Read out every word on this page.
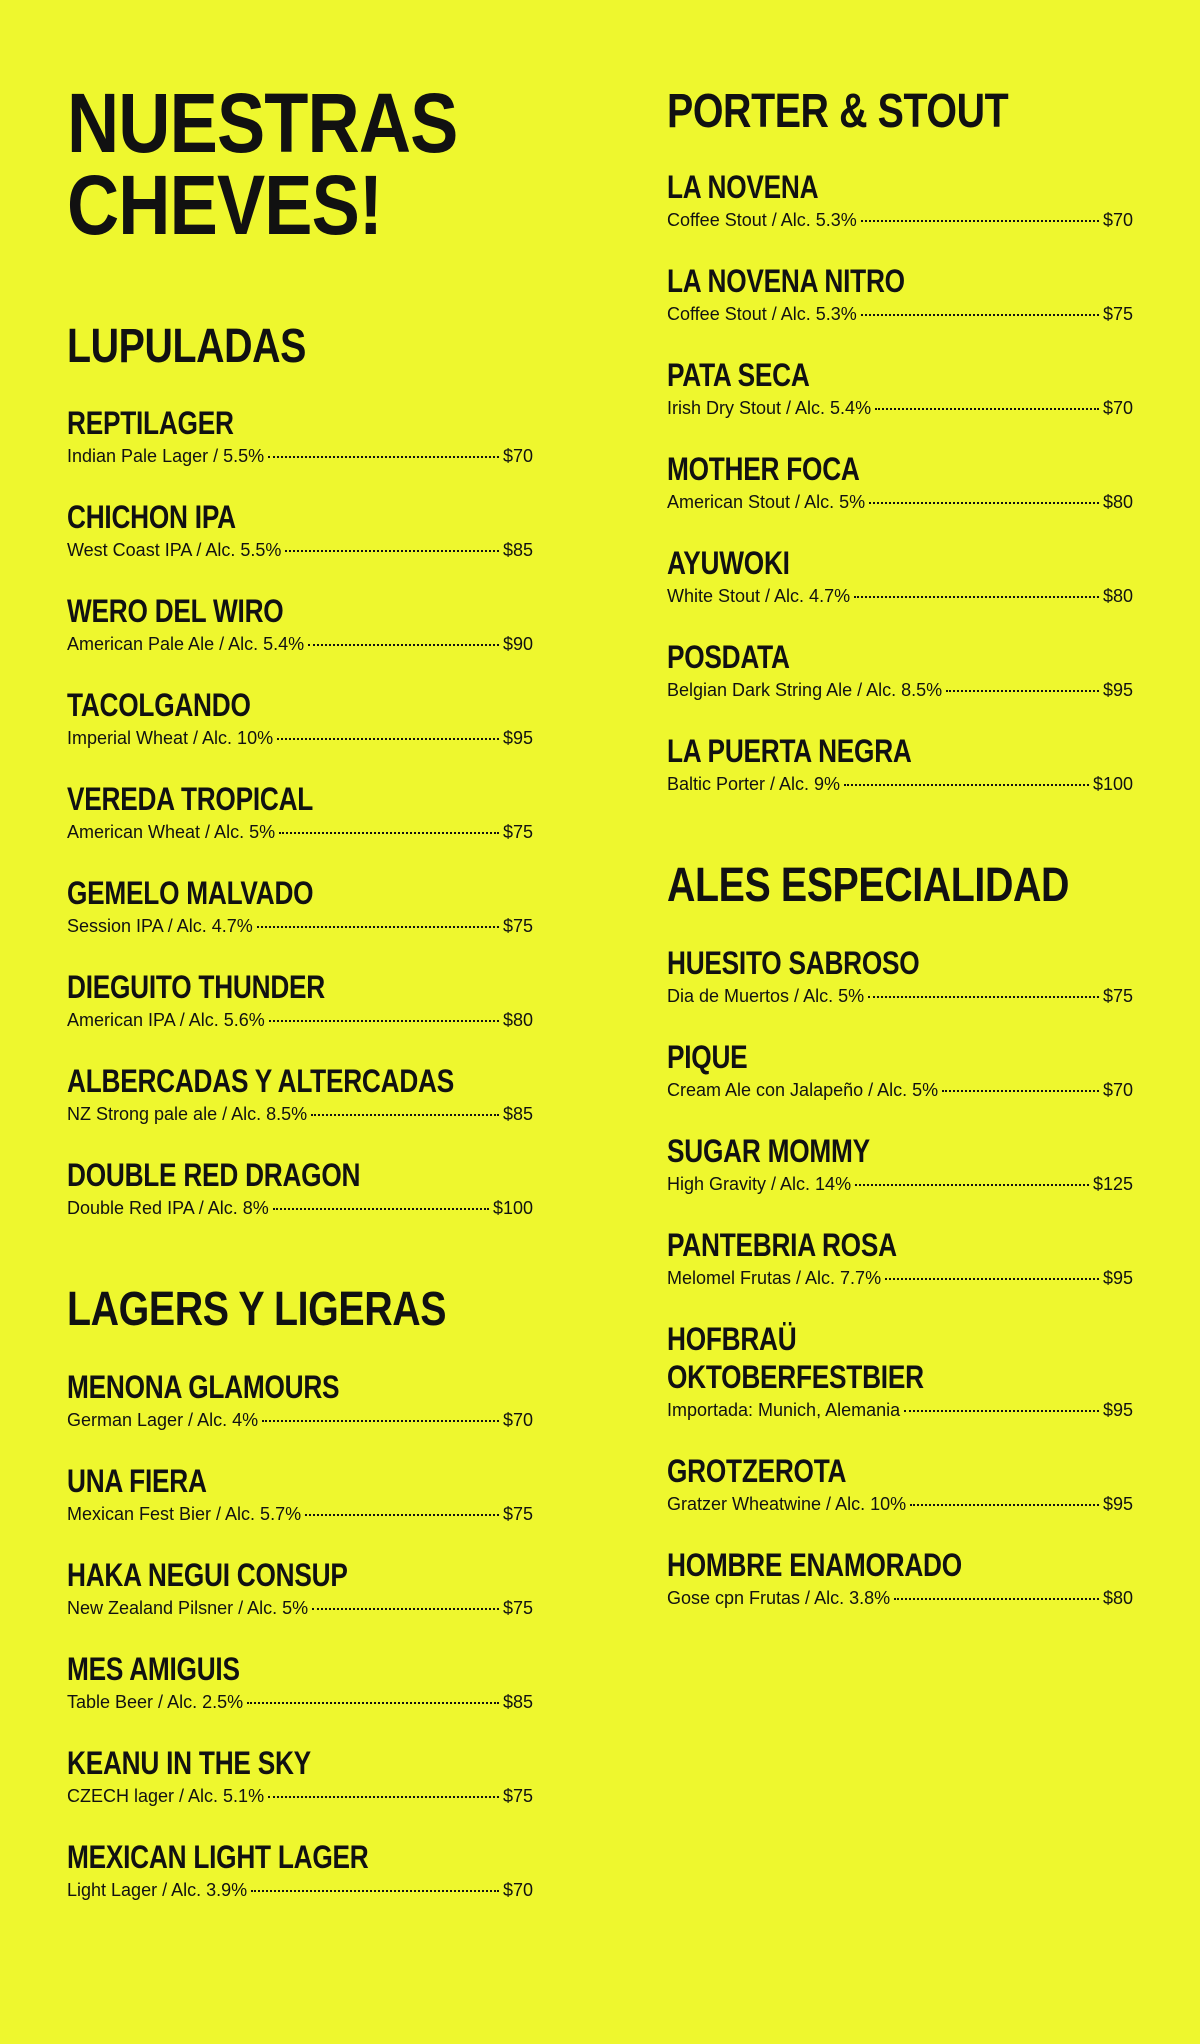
NUESTRAS
CHEVES!
LUPULADAS
REPTILAGER
Indian Pale Lager / 5.5%	$70
CHICHON IPA
West Coast IPA / Alc. 5.5%	$85
WERO DEL WIRO
American Pale Ale / Alc. 5.4%	$90
TACOLGANDO
Imperial Wheat / Alc. 10%	$95
VEREDA TROPICAL
American Wheat / Alc. 5%	$75
GEMELO MALVADO
Session IPA / Alc. 4.7%	$75
DIEGUITO THUNDER
American IPA / Alc. 5.6%	$80
ALBERCADAS Y ALTERCADAS
NZ Strong pale ale / Alc. 8.5%	$85
DOUBLE RED DRAGON
Double Red IPA / Alc. 8%	$100
LAGERS Y LIGERAS
MENONA GLAMOURS
German Lager / Alc. 4%	$70
UNA FIERA
Mexican Fest Bier / Alc. 5.7%	$75
HAKA NEGUI CONSUP
New Zealand Pilsner / Alc. 5%	$75
MES AMIGUIS
Table Beer / Alc. 2.5%	$85
KEANU IN THE SKY
CZECH lager / Alc. 5.1%	$75
MEXICAN LIGHT LAGER
Light Lager / Alc. 3.9%	$70
PORTER & STOUT
LA NOVENA
Coffee Stout / Alc. 5.3%	$70
LA NOVENA NITRO
Coffee Stout / Alc. 5.3%	$75
PATA SECA
Irish Dry Stout / Alc. 5.4%	$70
MOTHER FOCA
American Stout / Alc. 5%	$80
AYUWOKI
White Stout / Alc. 4.7%	$80
POSDATA
Belgian Dark String Ale / Alc. 8.5%	$95
LA PUERTA NEGRA
Baltic Porter / Alc. 9%	$100
ALES ESPECIALIDAD
HUESITO SABROSO
Dia de Muertos / Alc. 5%	$75
PIQUE
Cream Ale con Jalapeño / Alc. 5%	$70
SUGAR MOMMY
High Gravity / Alc. 14%	$125
PANTEBRIA ROSA
Melomel Frutas / Alc. 7.7%	$95
HOFBRAÜ
OKTOBERFESTBIER
Importada: Munich, Alemania	$95
GROTZEROTA
Gratzer Wheatwine / Alc. 10%	$95
HOMBRE ENAMORADO
Gose cpn Frutas / Alc. 3.8%	$80
